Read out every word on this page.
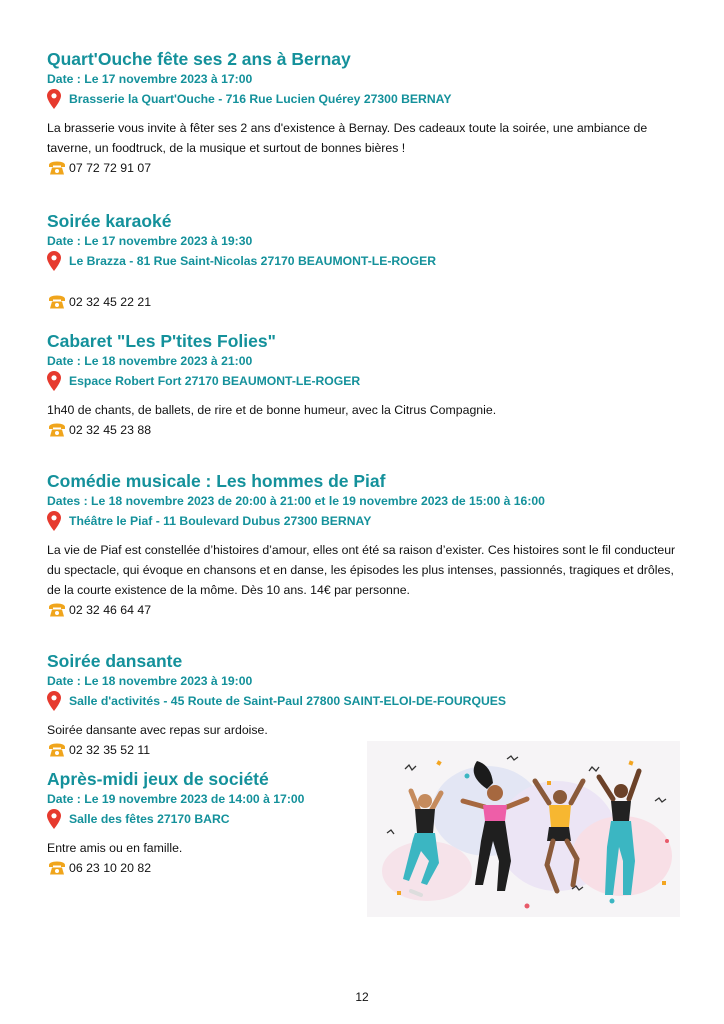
Quart'Ouche fête ses 2 ans à Bernay
Date : Le 17 novembre 2023 à 17:00
Brasserie la Quart'Ouche - 716 Rue Lucien Quérey 27300 BERNAY
La brasserie vous invite à fêter ses 2 ans d'existence à Bernay. Des cadeaux toute la soirée, une ambiance de taverne, un foodtruck, de la musique et surtout de bonnes bières !
07 72 72 91 07
Soirée karaoké
Date : Le 17 novembre 2023 à 19:30
Le Brazza - 81 Rue Saint-Nicolas 27170 BEAUMONT-LE-ROGER
02 32 45 22 21
Cabaret "Les P'tites Folies"
Date : Le 18 novembre 2023 à 21:00
Espace Robert Fort 27170 BEAUMONT-LE-ROGER
1h40 de chants, de ballets, de rire et de bonne humeur, avec la Citrus Compagnie.
02 32 45 23 88
Comédie musicale : Les hommes de Piaf
Dates : Le 18 novembre 2023 de 20:00 à 21:00 et le 19 novembre 2023 de 15:00 à 16:00
Théâtre le Piaf - 11 Boulevard Dubus 27300 BERNAY
La vie de Piaf est constellée d’histoires d’amour, elles ont été sa raison d’exister. Ces histoires sont le fil conducteur du spectacle, qui évoque en chansons et en danse, les épisodes les plus intenses, passionnés, tragiques et drôles, de la courte existence de la môme. Dès 10 ans. 14€ par personne.
02 32 46 64 47
Soirée dansante
Date : Le 18 novembre 2023 à 19:00
Salle d'activités - 45 Route de Saint-Paul 27800 SAINT-ELOI-DE-FOURQUES
Soirée dansante avec repas sur ardoise.
02 32 35 52 11
Après-midi jeux de société
Date : Le 19 novembre 2023 de 14:00 à 17:00
Salle des fêtes 27170 BARC
Entre amis ou en famille.
06 23 10 20 82
12
